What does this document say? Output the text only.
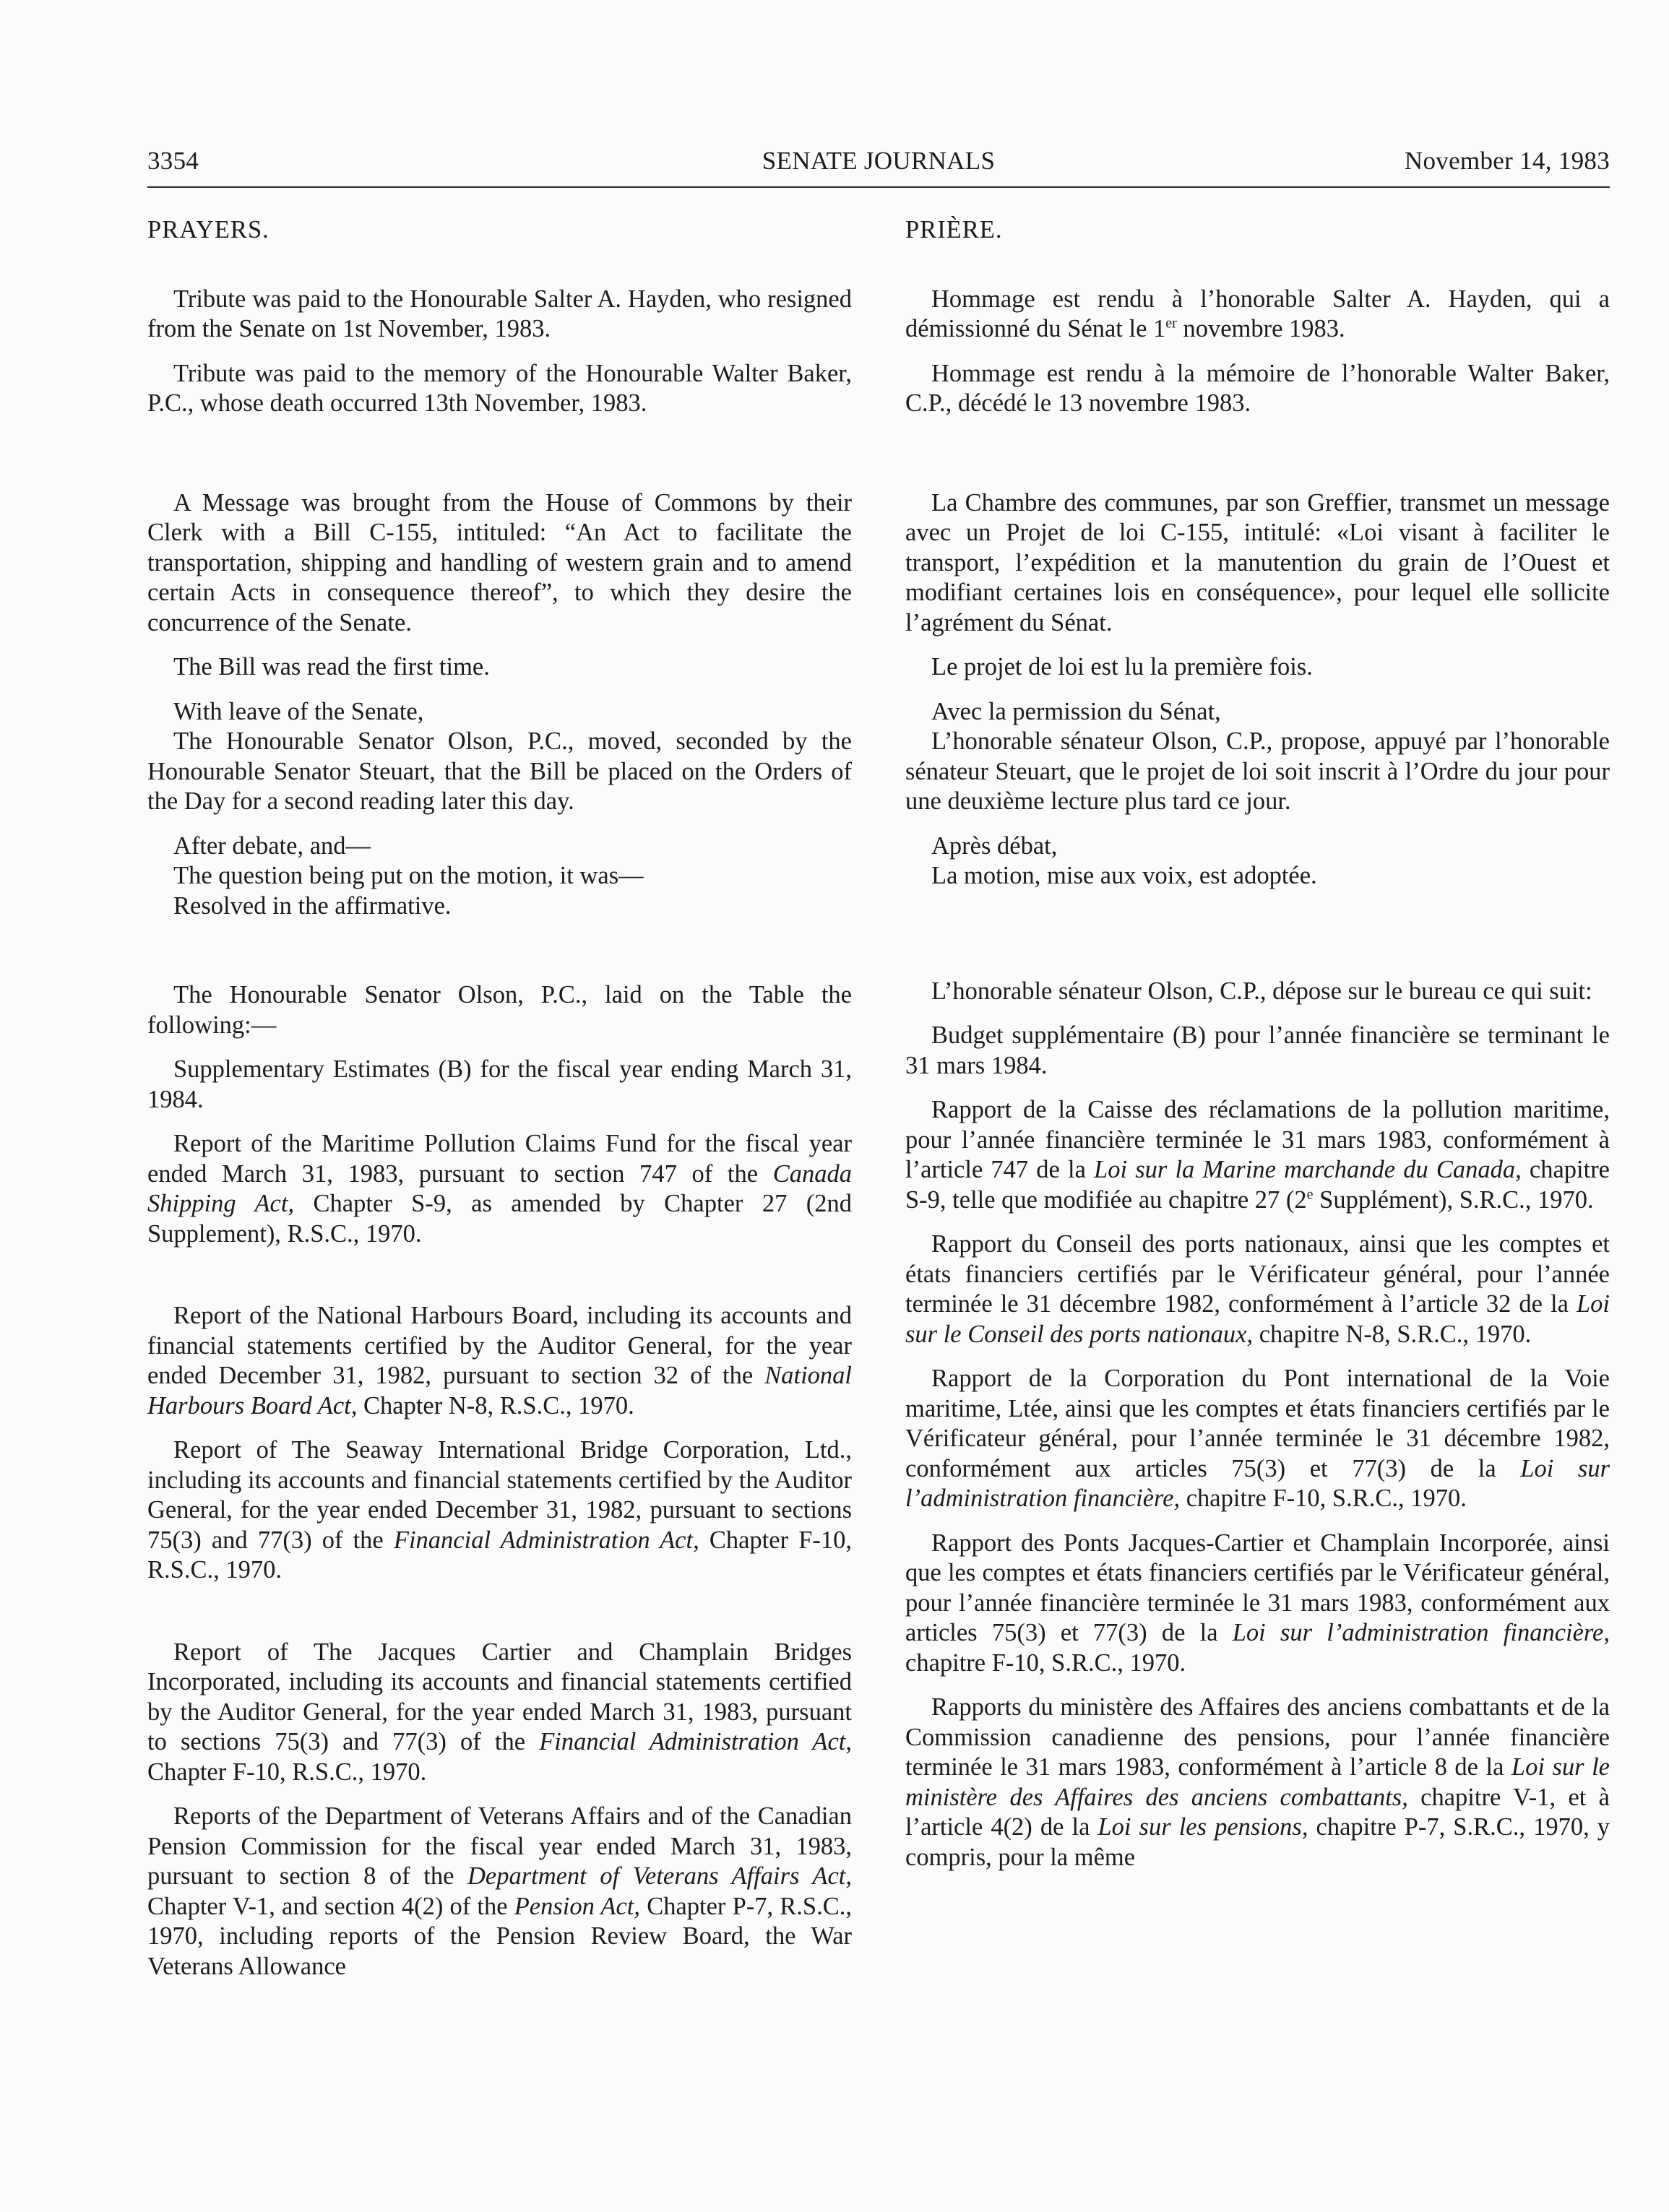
3354	SENATE JOURNALS	November 14, 1983
PRAYERS.

Tribute was paid to the Honourable Salter A. Hayden, who resigned from the Senate on 1st November, 1983.

Tribute was paid to the memory of the Honourable Walter Baker, P.C., whose death occurred 13th November, 1983.

A Message was brought from the House of Commons by their Clerk with a Bill C-155, intituled: “An Act to facilitate the transportation, shipping and handling of western grain and to amend certain Acts in consequence thereof”, to which they desire the concurrence of the Senate.

The Bill was read the first time.

With leave of the Senate,

The Honourable Senator Olson, P.C., moved, seconded by the Honourable Senator Steuart, that the Bill be placed on the Orders of the Day for a second reading later this day.

After debate, and—

The question being put on the motion, it was—

Resolved in the affirmative.

The Honourable Senator Olson, P.C., laid on the Table the following:—

Supplementary Estimates (B) for the fiscal year ending March 31, 1984.

Report of the Maritime Pollution Claims Fund for the fiscal year ended March 31, 1983, pursuant to section 747 of the Canada Shipping Act, Chapter S-9, as amended by Chapter 27 (2nd Supplement), R.S.C., 1970.

Report of the National Harbours Board, including its accounts and financial statements certified by the Auditor General, for the year ended December 31, 1982, pursuant to section 32 of the National Harbours Board Act, Chapter N-8, R.S.C., 1970.

Report of The Seaway International Bridge Corporation, Ltd., including its accounts and financial statements certified by the Auditor General, for the year ended December 31, 1982, pursuant to sections 75(3) and 77(3) of the Financial Administration Act, Chapter F-10, R.S.C., 1970.

Report of The Jacques Cartier and Champlain Bridges Incorporated, including its accounts and financial statements certified by the Auditor General, for the year ended March 31, 1983, pursuant to sections 75(3) and 77(3) of the Financial Administration Act, Chapter F-10, R.S.C., 1970.

Reports of the Department of Veterans Affairs and of the Canadian Pension Commission for the fiscal year ended March 31, 1983, pursuant to section 8 of the Department of Veterans Affairs Act, Chapter V-1, and section 4(2) of the Pension Act, Chapter P-7, R.S.C., 1970, including reports of the Pension Review Board, the War Veterans Allowance

PRIÈRE.

Hommage est rendu à l’honorable Salter A. Hayden, qui a démissionné du Sénat le 1er novembre 1983.

Hommage est rendu à la mémoire de l’honorable Walter Baker, C.P., décédé le 13 novembre 1983.

La Chambre des communes, par son Greffier, transmet un message avec un Projet de loi C-155, intitulé: «Loi visant à faciliter le transport, l’expédition et la manutention du grain de l’Ouest et modifiant certaines lois en conséquence», pour lequel elle sollicite l’agrément du Sénat.

Le projet de loi est lu la première fois.

Avec la permission du Sénat,

L’honorable sénateur Olson, C.P., propose, appuyé par l’honorable sénateur Steuart, que le projet de loi soit inscrit à l’Ordre du jour pour une deuxième lecture plus tard ce jour.

Après débat,

La motion, mise aux voix, est adoptée.

L’honorable sénateur Olson, C.P., dépose sur le bureau ce qui suit:

Budget supplémentaire (B) pour l’année financière se terminant le 31 mars 1984.

Rapport de la Caisse des réclamations de la pollution maritime, pour l’année financière terminée le 31 mars 1983, conformément à l’article 747 de la Loi sur la Marine marchande du Canada, chapitre S-9, telle que modifiée au chapitre 27 (2e Supplément), S.R.C., 1970.

Rapport du Conseil des ports nationaux, ainsi que les comptes et états financiers certifiés par le Vérificateur général, pour l’année terminée le 31 décembre 1982, conformément à l’article 32 de la Loi sur le Conseil des ports nationaux, chapitre N-8, S.R.C., 1970.

Rapport de la Corporation du Pont international de la Voie maritime, Ltée, ainsi que les comptes et états financiers certifiés par le Vérificateur général, pour l’année terminée le 31 décembre 1982, conformément aux articles 75(3) et 77(3) de la Loi sur l’administration financière, chapitre F-10, S.R.C., 1970.

Rapport des Ponts Jacques-Cartier et Champlain Incorporée, ainsi que les comptes et états financiers certifiés par le Vérificateur général, pour l’année financière terminée le 31 mars 1983, conformément aux articles 75(3) et 77(3) de la Loi sur l’administration financière, chapitre F-10, S.R.C., 1970.

Rapports du ministère des Affaires des anciens combattants et de la Commission canadienne des pensions, pour l’année financière terminée le 31 mars 1983, conformément à l’article 8 de la Loi sur le ministère des Affaires des anciens combattants, chapitre V-1, et à l’article 4(2) de la Loi sur les pensions, chapitre P-7, S.R.C., 1970, y compris, pour la même
